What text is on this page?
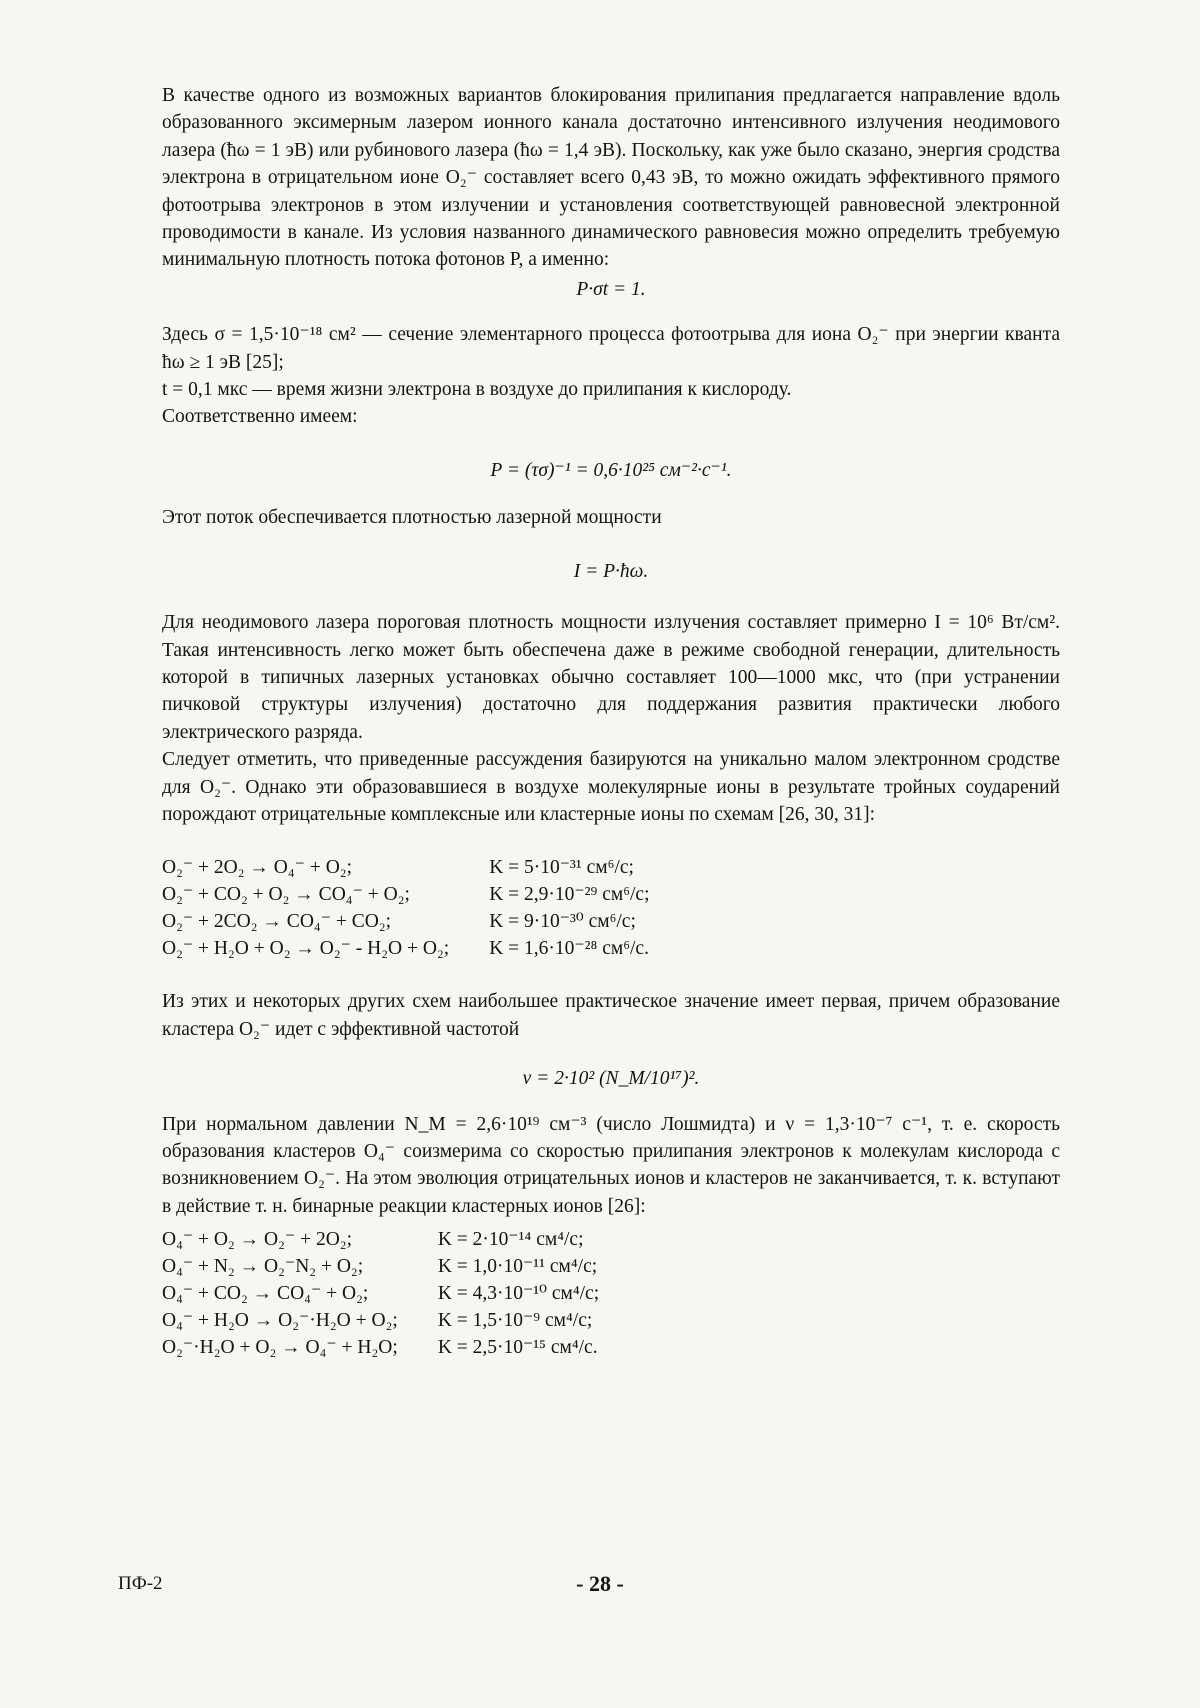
В качестве одного из возможных вариантов блокирования прилипания предлагается направление вдоль образованного эксимерным лазером ионного канала достаточно интенсивного излучения неодимового лазера (ħω = 1 эВ) или рубинового лазера (ħω = 1,4 эВ). Поскольку, как уже было сказано, энергия сродства электрона в отрицательном ионе O₂⁻ составляет всего 0,43 эВ, то можно ожидать эффективного прямого фотоотрыва электронов в этом излучении и установления соответствующей равновесной электронной проводимости в канале. Из условия названного динамического равновесия можно определить требуемую минимальную плотность потока фотонов P, а именно:

P·σt = 1.

Здесь σ = 1,5·10⁻¹⁸ см² — сечение элементарного процесса фотоотрыва для иона O₂⁻ при энергии кванта ħω ≥ 1 эВ [25];

t = 0,1 мкс — время жизни электрона в воздухе до прилипания к кислороду.

Соответственно имеем:

P = (τσ)⁻¹ = 0,6·10²⁵ см⁻²·с⁻¹.

Этот поток обеспечивается плотностью лазерной мощности

I = P·ħω.

Для неодимового лазера пороговая плотность мощности излучения составляет примерно I = 10⁶ Вт/см². Такая интенсивность легко может быть обеспечена даже в режиме свободной генерации, длительность которой в типичных лазерных установках обычно составляет 100—1000 мкс, что (при устранении пичковой структуры излучения) достаточно для поддержания развития практически любого электрического разряда.

Следует отметить, что приведенные рассуждения базируются на уникально малом электронном сродстве для O₂⁻. Однако эти образовавшиеся в воздухе молекулярные ионы в результате тройных соударений порождают отрицательные комплексные или кластерные ионы по схемам [26, 30, 31]:

O₂⁻ + 2O₂ → O₄⁻ + O₂;	K = 5·10⁻³¹ см⁶/с;
O₂⁻ + CO₂ + O₂ → CO₄⁻ + O₂;	K = 2,9·10⁻²⁹ см⁶/с;
O₂⁻ + 2CO₂ → CO₄⁻ + CO₂;	K = 9·10⁻³⁰ см⁶/с;
O₂⁻ + H₂O + O₂ → O₂⁻ - H₂O + O₂;	K = 1,6·10⁻²⁸ см⁶/с.

Из этих и некоторых других схем наибольшее практическое значение имеет первая, причем образование кластера O₂⁻ идет с эффективной частотой

ν = 2·10² (N_M/10¹⁷)².

При нормальном давлении N_M = 2,6·10¹⁹ см⁻³ (число Лошмидта) и ν = 1,3·10⁻⁷ с⁻¹, т. е. скорость образования кластеров O₄⁻ соизмерима со скоростью прилипания электронов к молекулам кислорода с возникновением O₂⁻. На этом эволюция отрицательных ионов и кластеров не заканчивается, т. к. вступают в действие т. н. бинарные реакции кластерных ионов [26]:

O₄⁻ + O₂ → O₂⁻ + 2O₂;	K = 2·10⁻¹⁴ см⁴/с;
O₄⁻ + N₂ → O₂⁻N₂ + O₂;	K = 1,0·10⁻¹¹ см⁴/с;
O₄⁻ + CO₂ → CO₄⁻ + O₂;	K = 4,3·10⁻¹⁰ см⁴/с;
O₄⁻ + H₂O → O₂⁻·H₂O + O₂;	K = 1,5·10⁻⁹ см⁴/с;
O₂⁻·H₂O + O₂ → O₄⁻ + H₂O;	K = 2,5·10⁻¹⁵ см⁴/с.
ПФ-2	- 28 -
